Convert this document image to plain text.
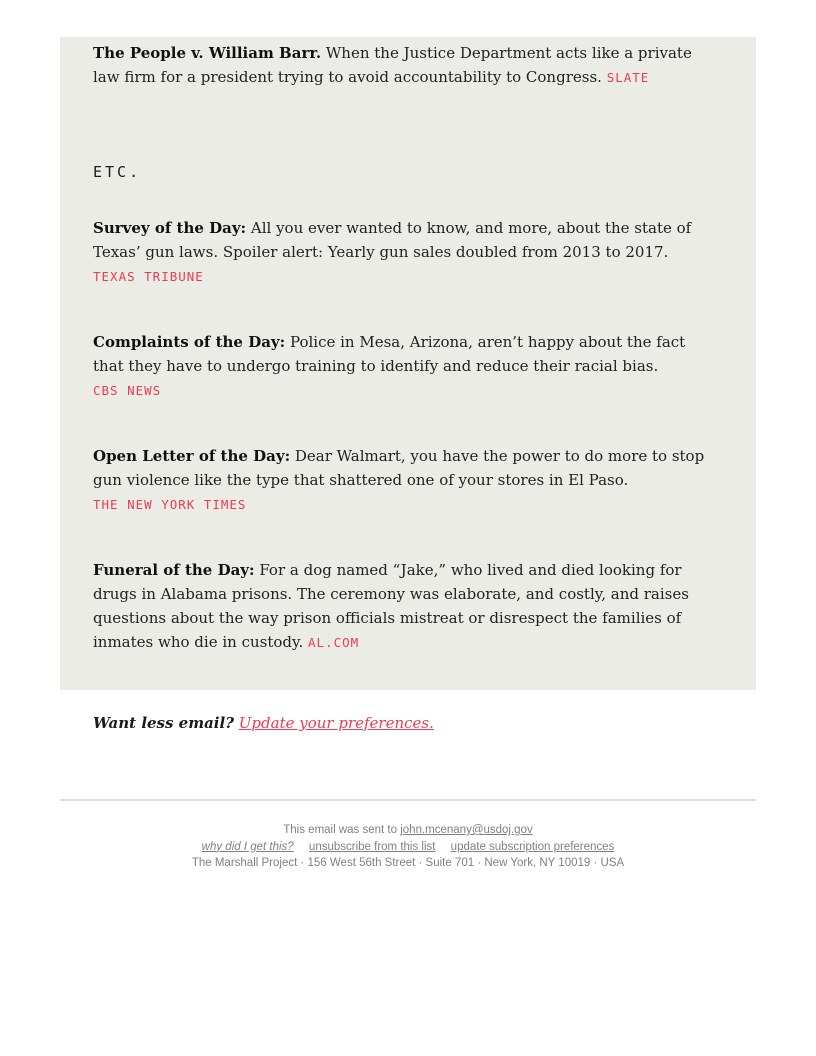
The People v. William Barr. When the Justice Department acts like a private law firm for a president trying to avoid accountability to Congress. SLATE

ETC.

Survey of the Day: All you ever wanted to know, and more, about the state of Texas’ gun laws. Spoiler alert: Yearly gun sales doubled from 2013 to 2017. TEXAS TRIBUNE

Complaints of the Day: Police in Mesa, Arizona, aren’t happy about the fact that they have to undergo training to identify and reduce their racial bias. CBS NEWS

Open Letter of the Day: Dear Walmart, you have the power to do more to stop gun violence like the type that shattered one of your stores in El Paso. THE NEW YORK TIMES

Funeral of the Day: For a dog named “Jake,” who lived and died looking for drugs in Alabama prisons. The ceremony was elaborate, and costly, and raises questions about the way prison officials mistreat or disrespect the families of inmates who die in custody. AL.COM

Want less email? Update your preferences.

This email was sent to john.mcenany@usdoj.gov
why did I get this? unsubscribe from this list update subscription preferences
The Marshall Project · 156 West 56th Street · Suite 701 · New York, NY 10019 · USA
